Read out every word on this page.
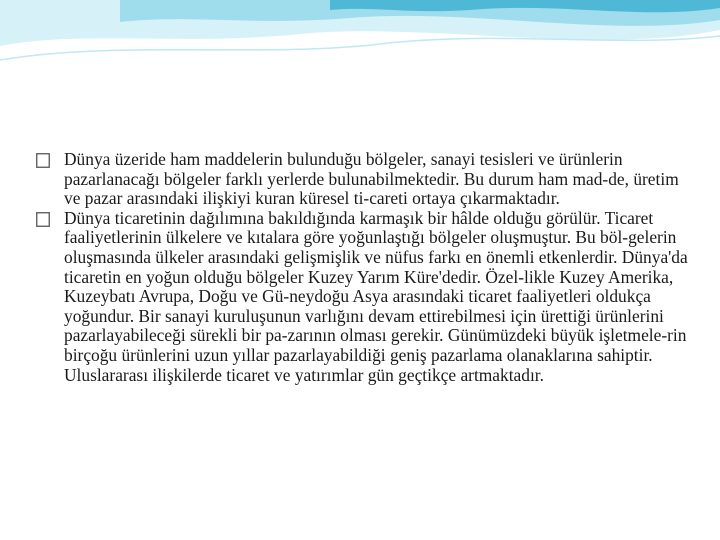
Dünya üzeride ham maddelerin bulunduğu bölgeler, sanayi tesisleri ve ürünlerin pazarlanacağı bölgeler farklı yerlerde bulunabilmektedir. Bu durum ham mad-de, üretim ve pazar arasındaki ilişkiyi kuran küresel ti-careti ortaya çıkarmaktadır.

Dünya ticaretinin dağılımına bakıldığında karmaşık bir hâlde olduğu görülür. Ticaret faaliyetlerinin ülkelere ve kıtalara göre yoğunlaştığı bölgeler oluşmuştur. Bu böl-gelerin oluşmasında ülkeler arasındaki gelişmişlik ve nüfus farkı en önemli etkenlerdir. Dünya'da ticaretin en yoğun olduğu bölgeler Kuzey Yarım Küre'dedir. Özel-likle Kuzey Amerika, Kuzeybatı Avrupa, Doğu ve Gü-neydoğu Asya arasındaki ticaret faaliyetleri oldukça yoğundur. Bir sanayi kuruluşunun varlığını devam ettirebilmesi için ürettiği ürünlerini pazarlayabileceği sürekli bir pa-zarının olması gerekir. Günümüzdeki büyük işletmele-rin birçoğu ürünlerini uzun yıllar pazarlayabildiği geniş pazarlama olanaklarına sahiptir. Uluslararası ilişkilerde ticaret ve yatırımlar gün geçtikçe artmaktadır.
